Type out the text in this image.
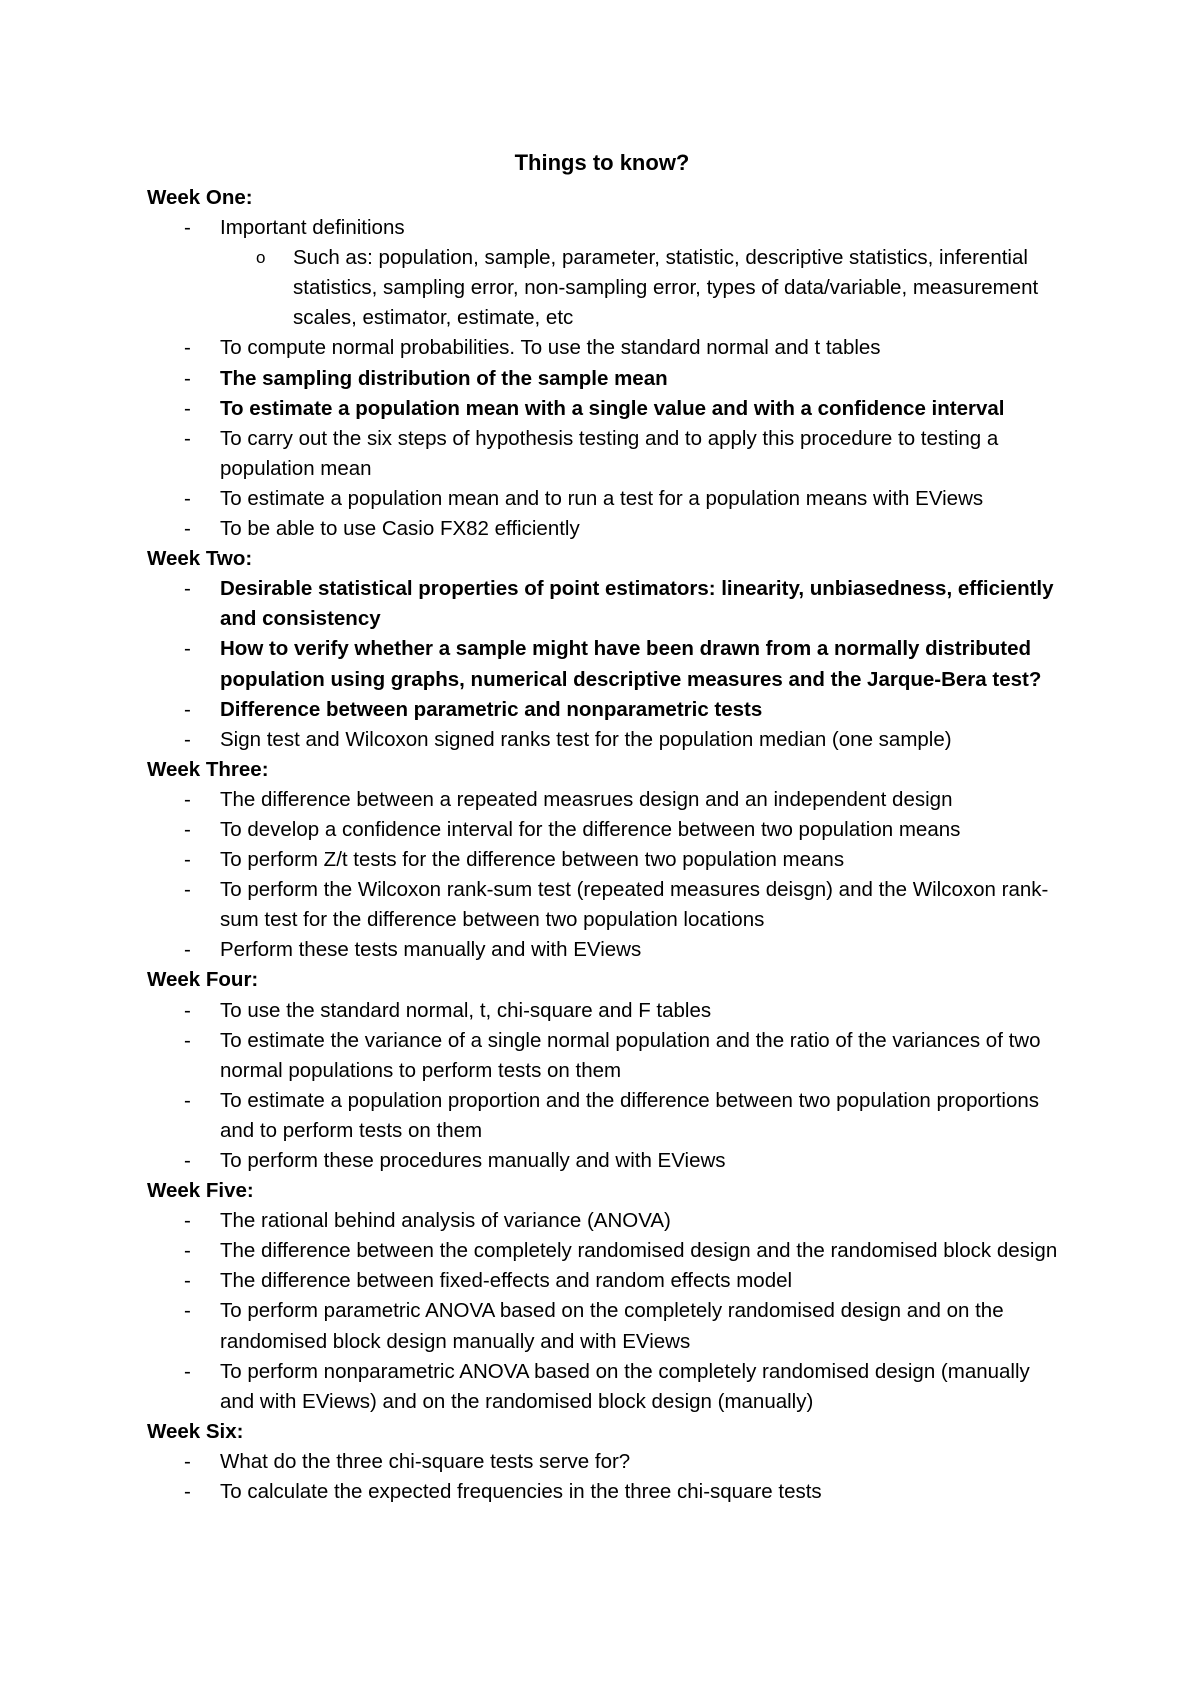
Things to know?
Week One:
- Important definitions
o Such as: population, sample, parameter, statistic, descriptive statistics, inferential statistics, sampling error, non-sampling error, types of data/variable, measurement scales, estimator, estimate, etc
- To compute normal probabilities. To use the standard normal and t tables
- The sampling distribution of the sample mean
- To estimate a population mean with a single value and with a confidence interval
- To carry out the six steps of hypothesis testing and to apply this procedure to testing a population mean
- To estimate a population mean and to run a test for a population means with EViews
- To be able to use Casio FX82 efficiently
Week Two:
- Desirable statistical properties of point estimators: linearity, unbiasedness, efficiently and consistency
- How to verify whether a sample might have been drawn from a normally distributed population using graphs, numerical descriptive measures and the Jarque-Bera test?
- Difference between parametric and nonparametric tests
- Sign test and Wilcoxon signed ranks test for the population median (one sample)
Week Three:
- The difference between a repeated measrues design and an independent design
- To develop a confidence interval for the difference between two population means
- To perform Z/t tests for the difference between two population means
- To perform the Wilcoxon rank-sum test (repeated measures deisgn) and the Wilcoxon rank-sum test for the difference between two population locations
- Perform these tests manually and with EViews
Week Four:
- To use the standard normal, t, chi-square and F tables
- To estimate the variance of a single normal population and the ratio of the variances of two normal populations to perform tests on them
- To estimate a population proportion and the difference between two population proportions and to perform tests on them
- To perform these procedures manually and with EViews
Week Five:
- The rational behind analysis of variance (ANOVA)
- The difference between the completely randomised design and the randomised block design
- The difference between fixed-effects and random effects model
- To perform parametric ANOVA based on the completely randomised design and on the randomised block design manually and with EViews
- To perform nonparametric ANOVA based on the completely randomised design (manually and with EViews) and on the randomised block design (manually)
Week Six:
- What do the three chi-square tests serve for?
- To calculate the expected frequencies in the three chi-square tests
